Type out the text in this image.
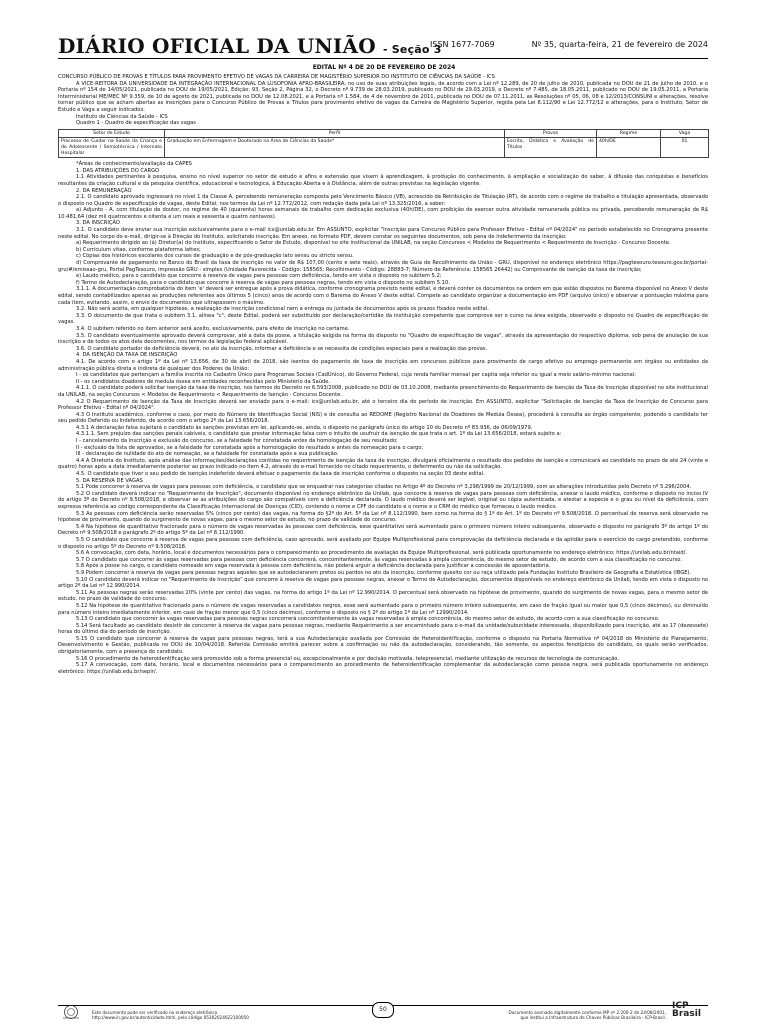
DIÁRIO OFICIAL DA UNIÃO - Seção 3
ISSN 1677-7069	Nº 35, quarta-feira, 21 de fevereiro de 2024
EDITAL Nº 4 DE 20 DE FEVEREIRO DE 2024

CONCURSO PÚBLICO DE PROVAS E TÍTULOS PARA PROVIMENTO EFETIVO DE VAGAS DA CARREIRA DE MAGISTÉRIO SUPERIOR DO INSTITUTO DE CIÊNCIAS DA SAÚDE - ICS

A VICE-REITORA DA UNIVERSIDADE DA INTEGRAÇÃO INTERNACIONAL DA LUSOFONIA AFRO-BRASILEIRA, no uso de suas atribuições legais, de acordo com a Lei nº 12.289, de 20 de julho de 2010, publicada no DOU de 21 de julho de 2010, e o Portaria nº 154 de 14/05/2021, publicada no DOU de 19/05/2021, Edição: 93, Seção 2, Página 32, o Decreto nº 9.739 de 28.03.2019, publicado no DOU de 29.03.2019, o Decreto nº 7.485, de 18.05.2011, publicado no DOU de 19.05.2011, a Portaria Interministerial ME/MEC Nº 9.359, de 10 de agosto de 2021, publicada no DOU de 12.08.2021, e a Portaria nº 1.584, de 4 de novembro de 2011, publicada no DOU de 07.11.2011, as Resoluções nº 05, 06, 08 e 12/2013/CONSUNI e alterações, resolve tornar público que se acham abertas as inscrições para o Concurso Público de Provas e Títulos para provimento efetivo de vagas da Carreira de Magistério Superior, regida pela Lei 8.112/90 e Lei 12.772/12 e alterações, para o Instituto, Setor de Estudo e Vaga a seguir indicados:

Instituto de Ciências da Saúde - ICS

Quadro 1 - Quadro de especificação das vagas

Setor de Estudo	Perfil	Provas	Regime	Vaga
Processo de Cuidar na Saúde da Criança e do Adolescente / Semiotécnica / Internato Hospitalar	Graduação em Enfermagem e Doutorado na Área de Ciências da Saúde*	Escrita, Didática e Avaliação de Títulos	40h/DE	01

*Áreas de conhecimento/avaliação da CAPES

1. DAS ATRIBUIÇÕES DO CARGO

1.1 Atividades pertinentes à pesquisa, ensino no nível superior no setor de estudo e afins e extensão que visem à aprendizagem, à produção do conhecimento, à ampliação e socialização do saber, à difusão das conquistas e benefícios resultantes da criação cultural e da pesquisa científica, educacional e tecnológica, à Educação Aberta e à Distância, além de outras previstas na legislação vigente.

2. DA REMUNERAÇÃO

2.1. O candidato aprovado ingressará no nível 1 da Classe A, percebendo remuneração composta pelo Vencimento Básico (VB), acrescido da Retribuição de Titulação (RT), de acordo com o regime de trabalho e titulação apresentada, observado o disposto no Quadro de especificação de vagas, deste Edital, nos termos da Lei nº 12.772/2012, com redação dada pela Lei nº 13.325/2016, a saber:

a) Adjunto - A, com titulação de doutor, no regime de 40 (quarenta) horas semanais de trabalho com dedicação exclusiva (40h/DE), com proibição de exercer outra atividade remunerada pública ou privada, percebendo remuneração de R$ 10.481,64 (dez mil quatrocentos e oitenta e um reais e sessenta e quatro centavos).

3. DA INSCRIÇÃO

3.1. O candidato deve enviar sua inscrição exclusivamente para o e-mail ics@unilab.edu.br. Em ASSUNTO, explicitar "Inscrição para Concurso Público para Professor Efetivo - Edital nº 04/2024" no período estabelecido no Cronograma presente neste edital. No corpo do e-mail, dirigir-se à Direção do Instituto, solicitando inscrição. Em anexo, no formato PDF, devem constar os seguintes documentos, sob pena de indeferimento da inscrição:

a) Requerimento dirigido ao (à) Diretor(a) do Instituto, especificando o Setor de Estudo, disponível no site institucional da UNILAB, na seção Concursos < Modelos de Requerimento < Requerimento de Inscrição - Concurso Docente.

b) Curriculum vitae, conforme plataforma lattes;

c) Cópias dos históricos escolares dos cursos de graduação e de pós-graduação lato sensu ou stricto sensu.

d) Comprovante de pagamento no Banco do Brasil da taxa de inscrição no valor de R$ 107,00 (cento e sete reais), através de Guia de Recolhimento da União - GRU, disponível no endereço eletrônico https://pagtesouro.tesouro.gov.br/portal-gru/#/emissao-gru, Portal PagTesouro, impressão GRU - simples (Unidade Favorecida - Código: 158565; Recolhimento - Código: 28883-7; Número de Referência: 158565 26442) ou Comprovante de isenção da taxa de inscrição;

e) Laudo médico, para o candidato que concorre à reserva de vagas para pessoas com deficiência, tendo em vista o disposto no subitem 5.2;

f) Termo de Autodeclaração, para o candidato que concorre à reserva de vagas para pessoas negras, tendo em vista o disposto no subitem 5.10.

3.1.1. A documentação comprobatória do item 'e' deverá ser entregue após a prova didática, conforme cronograma previsto neste edital, e deverá conter os documentos na ordem em que estão dispostos no Barema disponível no Anexo V deste edital, sendo contabilizados apenas as produções referentes aos últimos 5 (cinco) anos de acordo com o Barema do Anexo V deste edital. Compete ao candidato organizar a documentação em PDF (arquivo único) e observar a pontuação máxima para cada item, evitando, assim, o envio de documentos que ultrapassem o máximo.

3.2. Não será aceita, em qualquer hipótese, a realização de inscrição condicional nem a entrega ou juntada de documentos após os prazos fixados neste edital.

3.3. O documento de que trata o subitem 3.1, alínea "c", deste Edital, poderá ser substituído por declaração/certidão da instituição competente que comprove ser o curso na área exigida, observado o disposto no Quadro de especificação de vagas.

3.4. O subitem referido no item anterior será aceito, exclusivamente, para efeito de inscrição no certame.

3.5. O candidato eventualmente aprovado deverá comprovar, até a data da posse, a titulação exigida na forma do disposto no "Quadro de especificação de vagas", através da apresentação do respectivo diploma, sob pena de anulação de sua inscrição e de todos os atos dela decorrentes, nos termos da legislação federal aplicável.

3.6. O candidato portador de deficiência deverá, no ato da inscrição, informar a deficiência e se necessita de condições especiais para a realização das provas.

4. DA ISENÇÃO DA TAXA DE INSCRIÇÃO

4.1. De acordo com o artigo 1º da Lei nº 13.656, de 30 de abril de 2018, são isentos do pagamento de taxa de inscrição em concursos públicos para provimento de cargo efetivo ou emprego permanente em órgãos ou entidades da administração pública direta e indireta de qualquer dos Poderes da União:

I - os candidatos que pertençam a família inscrita no Cadastro Único para Programas Sociais (CadÚnico), do Governo Federal, cuja renda familiar mensal per capita seja inferior ou igual a meio salário-mínimo nacional;

II - os candidatos doadores de medula óssea em entidades reconhecidas pelo Ministério da Saúde.

4.1.1. O candidato poderá solicitar isenção da taxa de inscrição, nos termos do Decreto no 6.593/2008, publicado no DOU de 03.10.2008, mediante preenchimento do Requerimento de Isenção da Taxa de Inscrição disponível no site institucional da UNILAB, na seção Concursos < Modelos de Requerimento < Requerimento de Isenção - Concurso Docente.

4.2 O Requerimento de Isenção da Taxa de Inscrição deverá ser enviado para o e-mail: ics@unilab.edu.br, até o terceiro dia do período de inscrição. Em ASSUNTO, explicitar "Solicitação de Isenção da Taxa de Inscrição do Concurso para Professor Efetivo - Edital nº 04/2024".

4.3 O Instituto acadêmico, conforme o caso, por meio do Número de Identificação Social (NIS) e de consulta ao REDOME (Registro Nacional de Doadores de Medula Óssea), procederá à consulta ao órgão competente, podendo o candidato ter seu pedido Deferido ou Indeferido, de acordo com o artigo 2º da Lei 13.656/2018.

4.3.1 A declaração falsa sujeitará o candidato às sanções previstas em lei, aplicando-se, ainda, o disposto no parágrafo único do artigo 10 do Decreto nº 83.936, de 06/09/1979.

4.3.1.1. Sem prejuízo das sanções penais cabíveis, o candidato que prestar informação falsa com o intuito de usufruir da isenção de que trata o art. 1º da Lei 13.656/2018, estará sujeito a:

I - cancelamento da inscrição e exclusão do concurso, se a falsidade for constatada antes da homologação de seu resultado;

II - exclusão da lista de aprovados, se a falsidade for constatada após a homologação do resultado e antes da nomeação para o cargo;

III - declaração de nulidade do ato de nomeação, se a falsidade for constatada após a sua publicação.

4.4 A Diretoria do Instituto, após análise das informações/declarações contidas no requerimento de isenção da taxa de inscrição, divulgará oficialmente o resultado dos pedidos de isenção e comunicará ao candidato no prazo de até 24 (vinte e quatro) horas após a data imediatamente posterior ao prazo indicado no item 4.2, através do e-mail fornecido no citado requerimento, o deferimento ou não da solicitação.

4.5. O candidato que tiver o seu pedido de isenção indeferido deverá efetuar o pagamento da taxa de inscrição conforme o disposto na seção 03 deste edital.

5. DA RESERVA DE VAGAS

5.1 Pode concorrer à reserva de vagas para pessoas com deficiência, o candidato que se enquadrar nas categorias citadas no Artigo 4º do Decreto nº 3.298/1999 de 20/12/1999, com as alterações introduzidas pelo Decreto nº 5.296/2004.

5.2 O candidato deverá indicar no "Requerimento de Inscrição", documento disponível no endereço eletrônico da Unilab, que concorre à reserva de vagas para pessoas com deficiência, anexar o laudo médico, conforme o disposto no inciso IV do artigo 3º do Decreto nº 9.508/2018, e observar se as atribuições do cargo são compatíveis com a deficiência declarada. O laudo médico deverá ser legível, original ou cópia autenticada, e atestar a espécie e o grau ou nível da deficiência, com expressa referência ao código correspondente da Classificação Internacional de Doenças (CID), contendo o nome e CPF do candidato e o nome e o CRM do médico que forneceu o laudo médico.

5.3 As pessoas com deficiência serão reservadas 5% (cinco por cento) das vagas, na forma do §2º do Art. 5º da Lei nº 8.112/1990, bem como na forma do § 1º do Art. 1º do Decreto nº 9.508/2018. O percentual de reserva será observado na hipótese de provimento, quando do surgimento de novas vagas, para o mesmo setor de estudo, no prazo de validade do concurso.

5.4 Na hipótese de quantitativo fracionado para o número de vagas reservadas às pessoas com deficiência, esse quantitativo será aumentado para o primeiro número inteiro subsequente, observado o disposto no parágrafo 3º do artigo 1º do Decreto nº 9.508/2018 e parágrafo 2º do artigo 5º da Lei nº 8.112/1990.

5.5 O candidato que concorre à reserva de vagas para pessoas com deficiência, caso aprovado, será avaliado por Equipe Multiprofissional para comprovação da deficiência declarada e da aptidão para o exercício do cargo pretendido, conforme o disposto no artigo 5º do Decreto nº 9.508/2018.

5.6 A convocação, com data, horário, local e documentos necessários para o comparecimento ao procedimento de avaliação da Equipe Multiprofissional, será publicada oportunamente no endereço eletrônico: https://unilab.edu.br/ntaid/.

5.7 O candidato que concorrer às vagas reservadas para pessoas com deficiência concorrerá, concomitantemente, às vagas reservadas à ampla concorrência, do mesmo setor de estudo, de acordo com a sua classificação no concurso.

5.8 Após a posse no cargo, o candidato nomeado em vaga reservada à pessoa com deficiência, não poderá arguir a deficiência declarada para justificar a concessão de aposentadoria.

5.9 Podem concorrer à reserva de vagas para pessoas negras aqueles que se autodeclararem pretos ou pardos no ato da inscrição, conforme quesito cor ou raça utilizado pela Fundação Instituto Brasileiro de Geografia e Estatística (IBGE).

5.10 O candidato deverá indicar no "Requerimento de Inscrição" que concorre à reserva de vagas para pessoas negras, anexar o Termo de Autodeclaração, documentos disponíveis no endereço eletrônico da Unilab, tendo em vista o disposto no artigo 2º da Lei nº 12.990/2014.

5.11 As pessoas negras serão reservadas 20% (vinte por cento) das vagas, na forma do artigo 1º da Lei nº 12.990/2014. O percentual será observado na hipótese de provimento, quando do surgimento de novas vagas, para o mesmo setor de estudo, no prazo de validade do concurso.

5.12 Na hipótese de quantitativo fracionado para o número de vagas reservadas a candidatos negros, esse será aumentado para o primeiro número inteiro subsequente, em caso de fração igual ou maior que 0,5 (cinco décimos), ou diminuído para número inteiro imediatamente inferior, em caso de fração menor que 0,5 (cinco décimos), conforme o disposto no § 2º do artigo 1º da Lei nº 12990/2014.

5.13 O candidato que concorrer às vagas reservadas para pessoas negras concorrerá concomitantemente às vagas reservadas à ampla concorrência, do mesmo setor de estudo, de acordo com a sua classificação no concurso.

5.14 Será facultado ao candidato desistir de concorrer à reserva de vagas para pessoas negras, mediante Requerimento a ser encaminhado para o e-mail da unidade/subunidade interessada, disponibilizado para inscrição, até as 17 (dezessete) horas do último dia do período de inscrição.

5.15 O candidato que concorrer à reserva de vagas para pessoas negras, terá a sua Autodeclaração avaliada por Comissão de Heteroidentificação, conforme o disposto na Portaria Normativa nº 04/2018 do Ministério do Planejamento, Desenvolvimento e Gestão, publicada no DOU de 10/04/2018. Referida Comissão emitirá parecer sobre a confirmação ou não da autodeclaração, considerando, tão somente, os aspectos fenotípicos do candidato, os quais serão verificados, obrigatoriamente, com a presença do candidato.

5.16 O procedimento de heteroidentificação será promovido sob a forma presencial ou, excepcionalmente e por decisão motivada, telepresencial, mediante utilização de recursos de tecnologia de comunicação.

5.17 A convocação, com data, horário, local e documentos necessários para o comparecimento ao procedimento de heteroidentificação complementar da autodeclaração como pessoa negra, será publicada oportunamente no endereço eletrônico: https://unilab.edu.br/sepir/.

Este documento pode ser verificado no endereço eletrônico
http://www.in.gov.br/autenticidade.html, pelo código 05302024022100050
50	Documento assinado digitalmente conforme MP nº 2.200-2 de 24/08/2001,
que institui a Infraestrutura de Chaves Públicas Brasileira - ICP-Brasil.
ICP Brasil
